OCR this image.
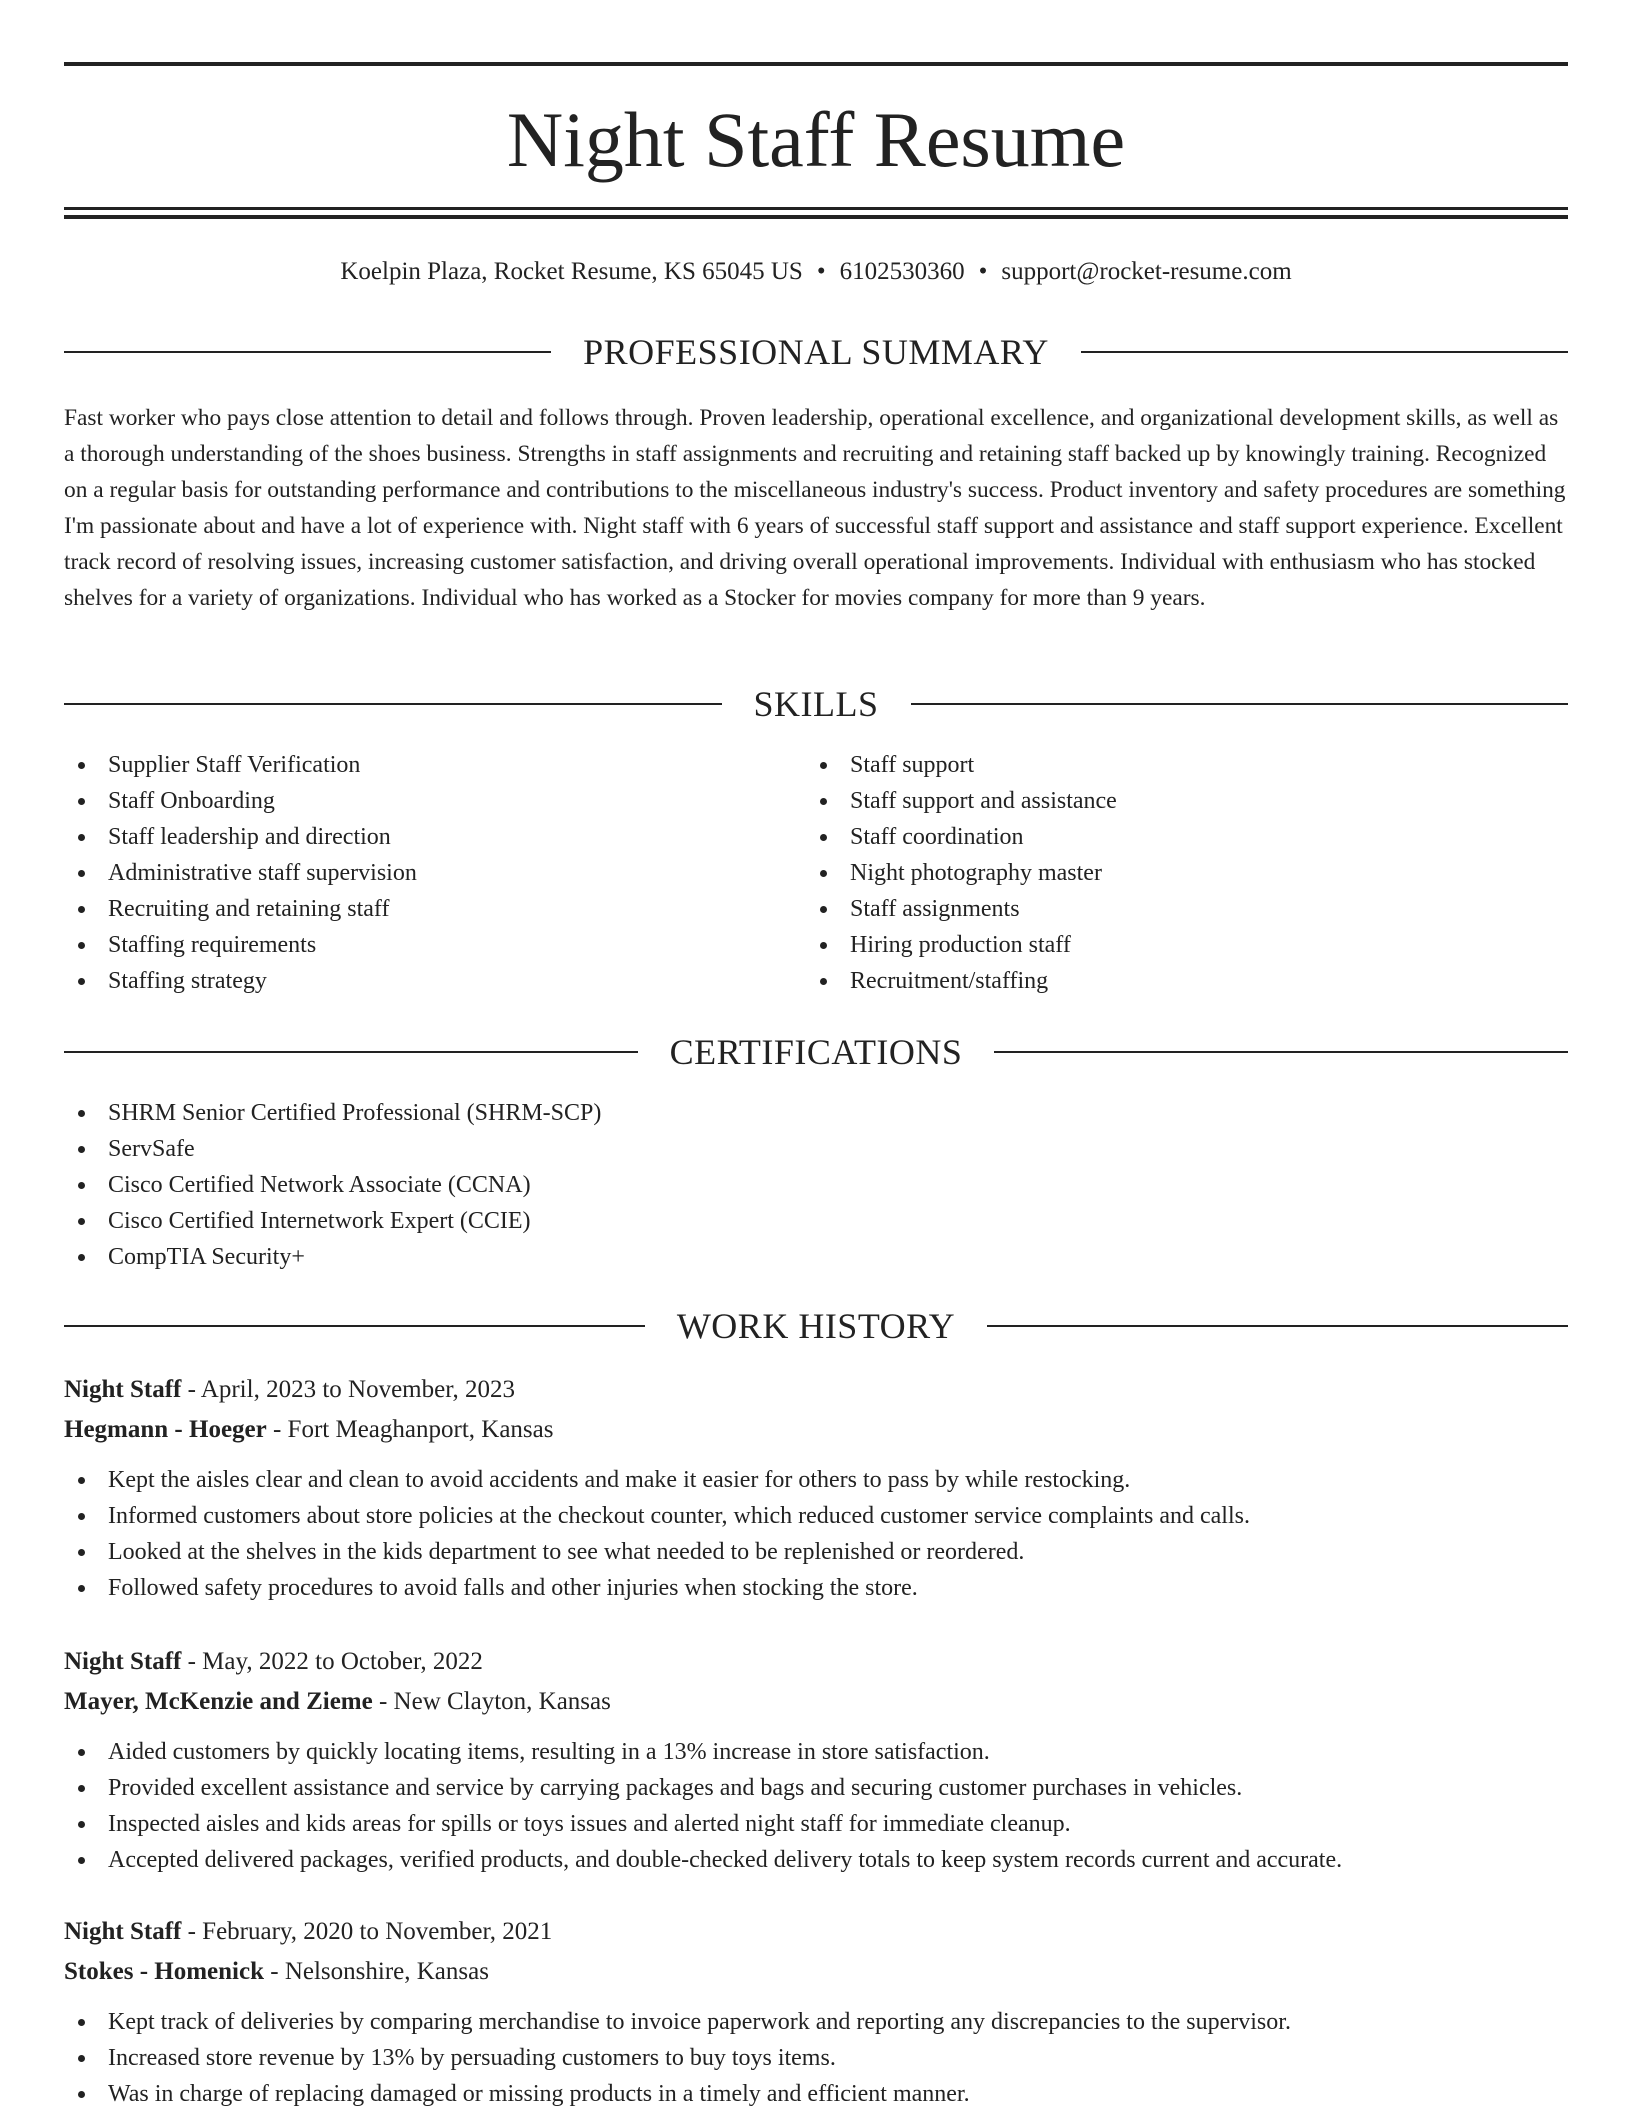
Night Staff Resume
Koelpin Plaza, Rocket Resume, KS 65045 US • 6102530360 • support@rocket-resume.com
PROFESSIONAL SUMMARY

Fast worker who pays close attention to detail and follows through. Proven leadership, operational excellence, and organizational development skills, as well as a thorough understanding of the shoes business. Strengths in staff assignments and recruiting and retaining staff backed up by knowingly training. Recognized on a regular basis for outstanding performance and contributions to the miscellaneous industry's success. Product inventory and safety procedures are something I'm passionate about and have a lot of experience with. Night staff with 6 years of successful staff support and assistance and staff support experience. Excellent track record of resolving issues, increasing customer satisfaction, and driving overall operational improvements. Individual with enthusiasm who has stocked shelves for a variety of organizations. Individual who has worked as a Stocker for movies company for more than 9 years.

SKILLS
Supplier Staff Verification
Staff Onboarding
Staff leadership and direction
Administrative staff supervision
Recruiting and retaining staff
Staffing requirements
Staffing strategy
Staff support
Staff support and assistance
Staff coordination
Night photography master
Staff assignments
Hiring production staff
Recruitment/staffing
CERTIFICATIONS
SHRM Senior Certified Professional (SHRM-SCP)
ServSafe
Cisco Certified Network Associate (CCNA)
Cisco Certified Internetwork Expert (CCIE)
CompTIA Security+
WORK HISTORY
Night Staff - April, 2023 to November, 2023
Hegmann - Hoeger - Fort Meaghanport, Kansas
Kept the aisles clear and clean to avoid accidents and make it easier for others to pass by while restocking.
Informed customers about store policies at the checkout counter, which reduced customer service complaints and calls.
Looked at the shelves in the kids department to see what needed to be replenished or reordered.
Followed safety procedures to avoid falls and other injuries when stocking the store.
Night Staff - May, 2022 to October, 2022
Mayer, McKenzie and Zieme - New Clayton, Kansas
Aided customers by quickly locating items, resulting in a 13% increase in store satisfaction.
Provided excellent assistance and service by carrying packages and bags and securing customer purchases in vehicles.
Inspected aisles and kids areas for spills or toys issues and alerted night staff for immediate cleanup.
Accepted delivered packages, verified products, and double-checked delivery totals to keep system records current and accurate.
Night Staff - February, 2020 to November, 2021
Stokes - Homenick - Nelsonshire, Kansas
Kept track of deliveries by comparing merchandise to invoice paperwork and reporting any discrepancies to the supervisor.
Increased store revenue by 13% by persuading customers to buy toys items.
Was in charge of replacing damaged or missing products in a timely and efficient manner.
